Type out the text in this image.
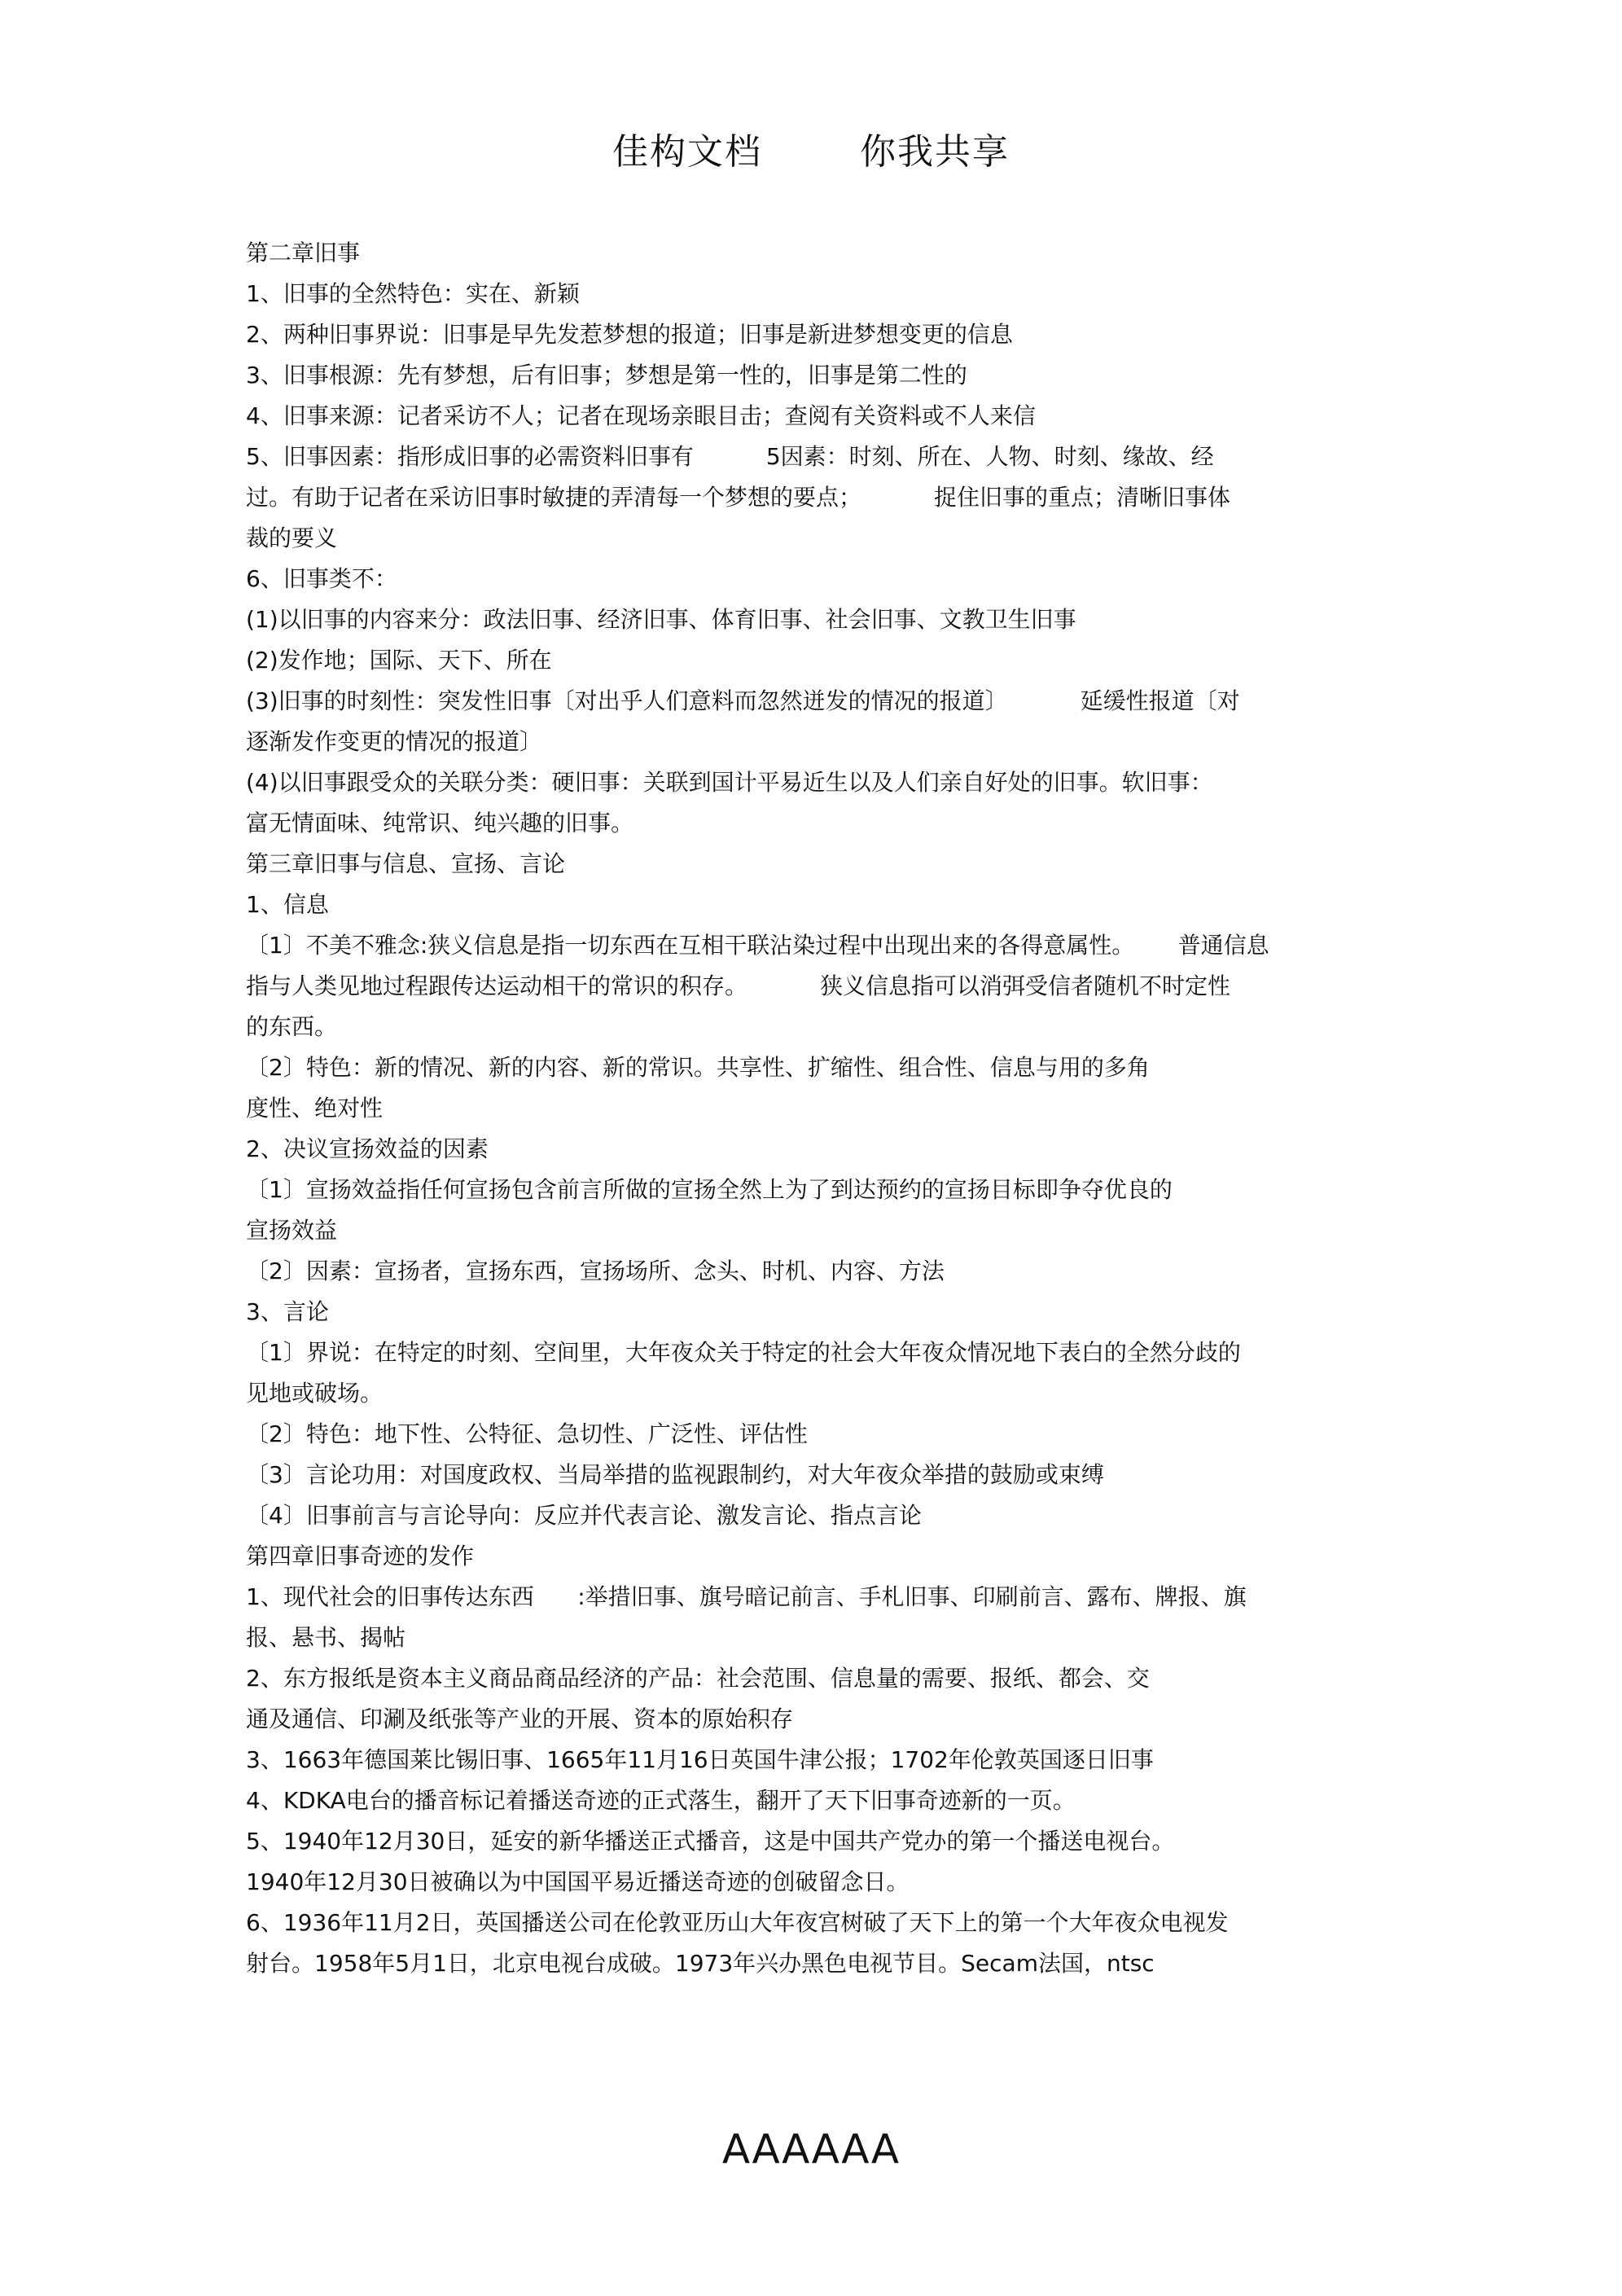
佳构文档	你我共享

第二章旧事

1、旧事的全然特色：实在、新颖

2、两种旧事界说：旧事是早先发惹梦想的报道；旧事是新进梦想变更的信息

3、旧事根源：先有梦想，后有旧事；梦想是第一性的，旧事是第二性的

4、旧事来源：记者采访不人；记者在现场亲眼目击；查阅有关资料或不人来信

5、旧事因素：指形成旧事的必需资料旧事有          5因素：时刻、所在、人物、时刻、缘故、经

过。有助于记者在采访旧事时敏捷的弄清每一个梦想的要点；          捉住旧事的重点；清晰旧事体

裁的要义

6、旧事类不：

(1)以旧事的内容来分：政法旧事、经济旧事、体育旧事、社会旧事、文教卫生旧事

(2)发作地；国际、天下、所在

(3)旧事的时刻性：突发性旧事〔对出乎人们意料而忽然迸发的情况的报道〕          延缓性报道〔对

逐渐发作变更的情况的报道〕

(4)以旧事跟受众的关联分类：硬旧事：关联到国计平易近生以及人们亲自好处的旧事。软旧事：

富无情面味、纯常识、纯兴趣的旧事。

第三章旧事与信息、宣扬、言论

1、信息

〔1〕不美不雅念:狭义信息是指一切东西在互相干联沾染过程中出现出来的各得意属性。      普通信息

指与人类见地过程跟传达运动相干的常识的积存。          狭义信息指可以消弭受信者随机不时定性

的东西。

〔2〕特色：新的情况、新的内容、新的常识。共享性、扩缩性、组合性、信息与用的多角

度性、绝对性

2、决议宣扬效益的因素

〔1〕宣扬效益指任何宣扬包含前言所做的宣扬全然上为了到达预约的宣扬目标即争夺优良的

宣扬效益

〔2〕因素：宣扬者，宣扬东西，宣扬场所、念头、时机、内容、方法

3、言论

〔1〕界说：在特定的时刻、空间里，大年夜众关于特定的社会大年夜众情况地下表白的全然分歧的

见地或破场。

〔2〕特色：地下性、公特征、急切性、广泛性、评估性

〔3〕言论功用：对国度政权、当局举措的监视跟制约，对大年夜众举措的鼓励或束缚

〔4〕旧事前言与言论导向：反应并代表言论、激发言论、指点言论

第四章旧事奇迹的发作

1、现代社会的旧事传达东西      :举措旧事、旗号暗记前言、手札旧事、印刷前言、露布、牌报、旗

报、悬书、揭帖

2、东方报纸是资本主义商品商品经济的产品：社会范围、信息量的需要、报纸、都会、交

通及通信、印涮及纸张等产业的开展、资本的原始积存

3、1663年德国莱比锡旧事、1665年11月16日英国牛津公报；1702年伦敦英国逐日旧事

4、KDKA电台的播音标记着播送奇迹的正式落生，翻开了天下旧事奇迹新的一页。

5、1940年12月30日，延安的新华播送正式播音，这是中国共产党办的第一个播送电视台。

1940年12月30日被确以为中国国平易近播送奇迹的创破留念日。

6、1936年11月2日，英国播送公司在伦敦亚历山大年夜宫树破了天下上的第一个大年夜众电视发

射台。1958年5月1日，北京电视台成破。1973年兴办黑色电视节目。Secam法国，ntsc

AAAAAA
